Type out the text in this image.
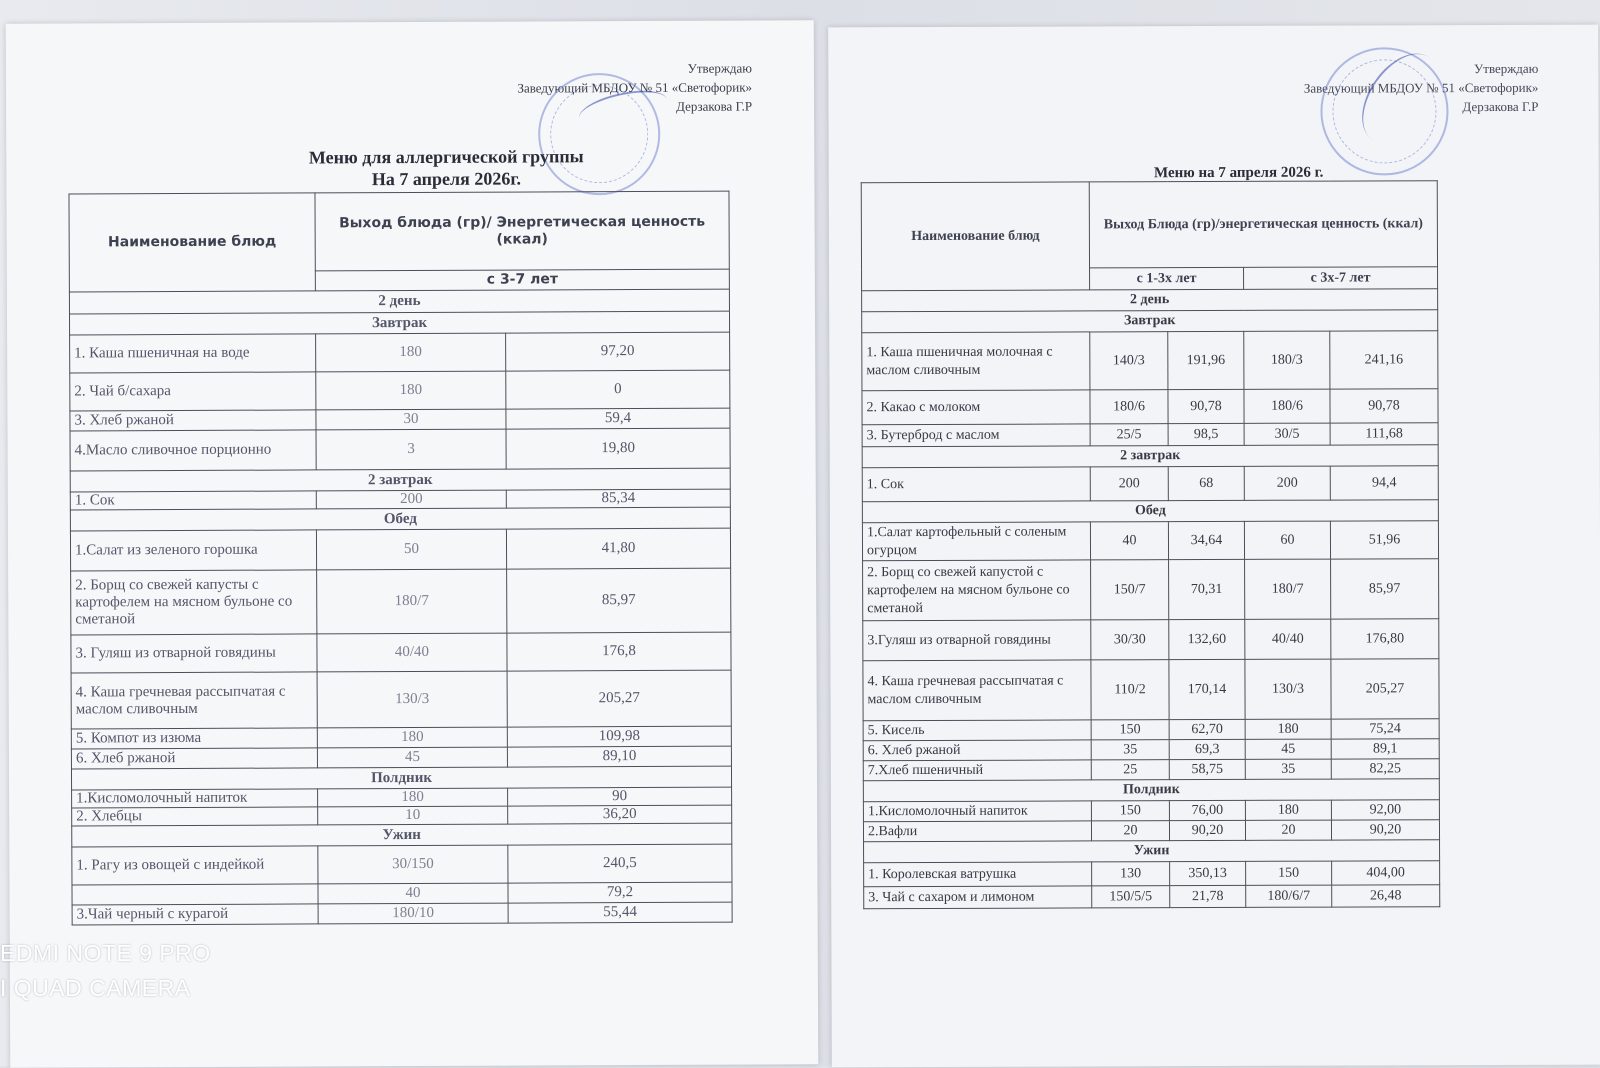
Утверждаю
Заведующий МБДОУ № 51 «Светофорик»
Дерзакова Г.Р
Меню для аллергической группы
На 7 апреля 2026г.
Наименование блюд	Выход блюда (гр)/ Энергетическая ценность (ккал)	
	с 3-7 лет	
2 день		
Завтрак		
1. Каша пшеничная на воде	180	97,20
2. Чай б/сахара	180	0
3. Хлеб ржаной	30	59,4
4.Масло сливочное порционно	3	19,80
2 завтрак		
1. Сок	200	85,34
Обед		
1.Салат из зеленого горошка	50	41,80
2. Борщ со свежей капусты с картофелем на мясном бульоне со сметаной	180/7	85,97
3. Гуляш из отварной говядины	40/40	176,8
4. Каша гречневая рассыпчатая с маслом сливочным	130/3	205,27
5. Компот из изюма	180	109,98
6. Хлеб ржаной	45	89,10
Полдник		
1.Кисломолочный напиток	180	90
2. Хлебцы	10	36,20
Ужин		
1. Рагу из овощей с индейкой	30/150	240,5
	40	79,2
3.Чай черный с курагой	180/10	55,44
Утверждаю
Заведующий МБДОУ № 51 «Светофорик»
Дерзакова Г.Р
Меню на 7 апреля 2026 г.
Наименование блюд	Выход Блюда (гр)/энергетическая ценность (ккал)			
	с 1-3х лет		с 3х-7 лет	
2 день				
Завтрак				
1. Каша пшеничная молочная с маслом сливочным	140/3	191,96	180/3	241,16
2. Какао с молоком	180/6	90,78	180/6	90,78
3. Бутерброд с маслом	25/5	98,5	30/5	111,68
2 завтрак				
1. Сок	200	68	200	94,4
Обед				
1.Салат картофельный с соленым огурцом	40	34,64	60	51,96
2. Борщ со свежей капустой с картофелем на мясном бульоне со сметаной	150/7	70,31	180/7	85,97
3.Гуляш из отварной говядины	30/30	132,60	40/40	176,80
4. Каша гречневая рассыпчатая с маслом сливочным	110/2	170,14	130/3	205,27
5. Кисель	150	62,70	180	75,24
6. Хлеб ржаной	35	69,3	45	89,1
7.Хлеб пшеничный	25	58,75	35	82,25
Полдник				
1.Кисломолочный напиток	150	76,00	180	92,00
2.Вафли	20	90,20	20	90,20
Ужин				
1. Королевская ватрушка	130	350,13	150	404,00
3. Чай с сахаром и лимоном	150/5/5	21,78	180/6/7	26,48
EDMI NOTE 9 PRO
I QUAD CAMERA
